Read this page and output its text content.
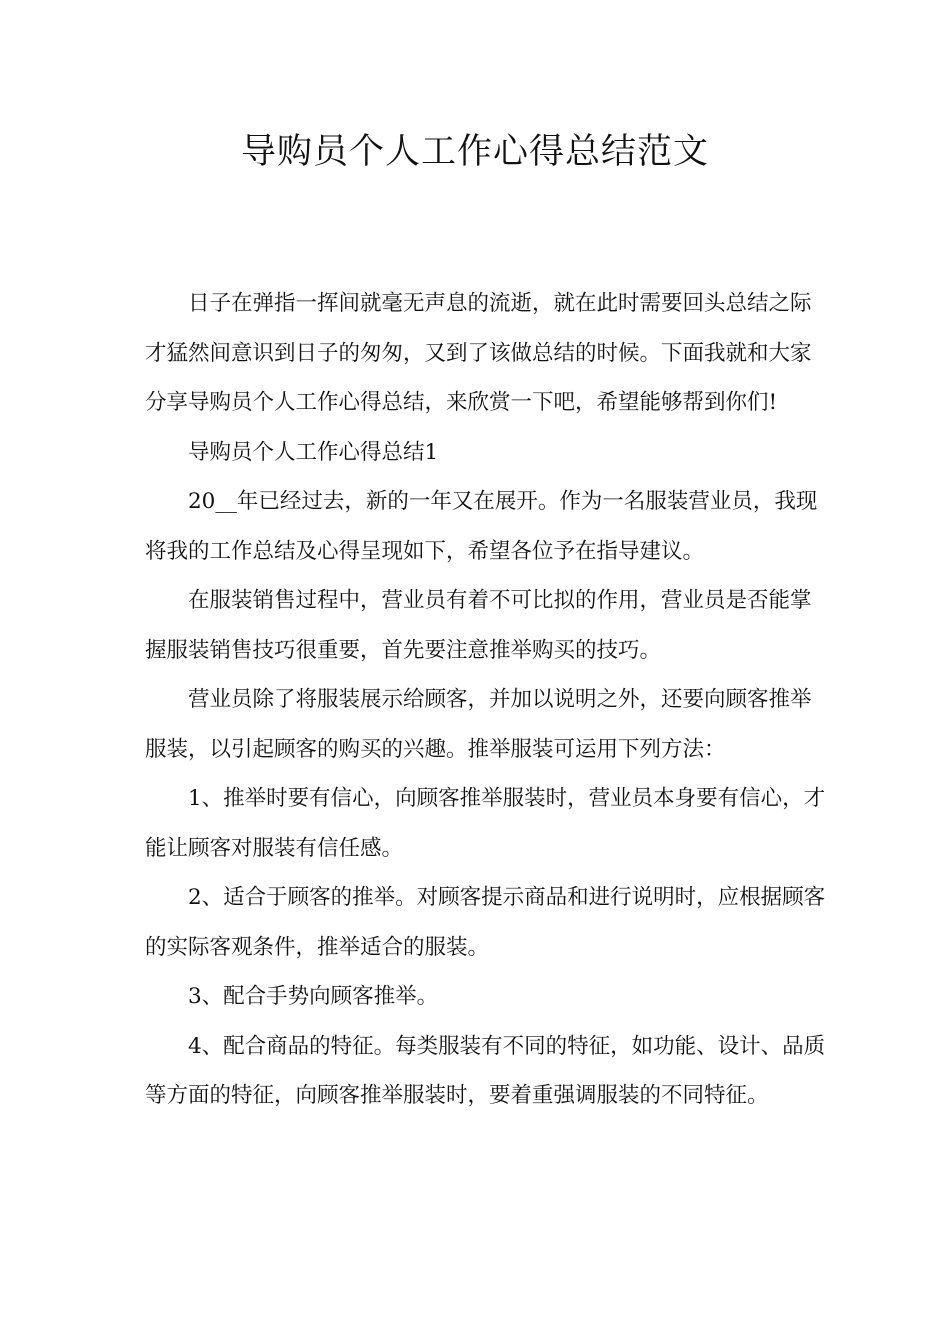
导购员个人工作心得总结范文

日子在弹指一挥间就毫无声息的流逝，就在此时需要回头总结之际才猛然间意识到日子的匆匆，又到了该做总结的时候。下面我就和大家分享导购员个人工作心得总结，来欣赏一下吧，希望能够帮到你们!

导购员个人工作心得总结1

20__年已经过去，新的一年又在展开。作为一名服装营业员，我现将我的工作总结及心得呈现如下，希望各位予在指导建议。

在服装销售过程中，营业员有着不可比拟的作用，营业员是否能掌握服装销售技巧很重要，首先要注意推举购买的技巧。

营业员除了将服装展示给顾客，并加以说明之外，还要向顾客推举服装，以引起顾客的购买的兴趣。推举服装可运用下列方法：

1、推举时要有信心，向顾客推举服装时，营业员本身要有信心，才能让顾客对服装有信任感。

2、适合于顾客的推举。对顾客提示商品和进行说明时，应根据顾客的实际客观条件，推举适合的服装。

3、配合手势向顾客推举。

4、配合商品的特征。每类服装有不同的特征，如功能、设计、品质等方面的特征，向顾客推举服装时，要着重强调服装的不同特征。
